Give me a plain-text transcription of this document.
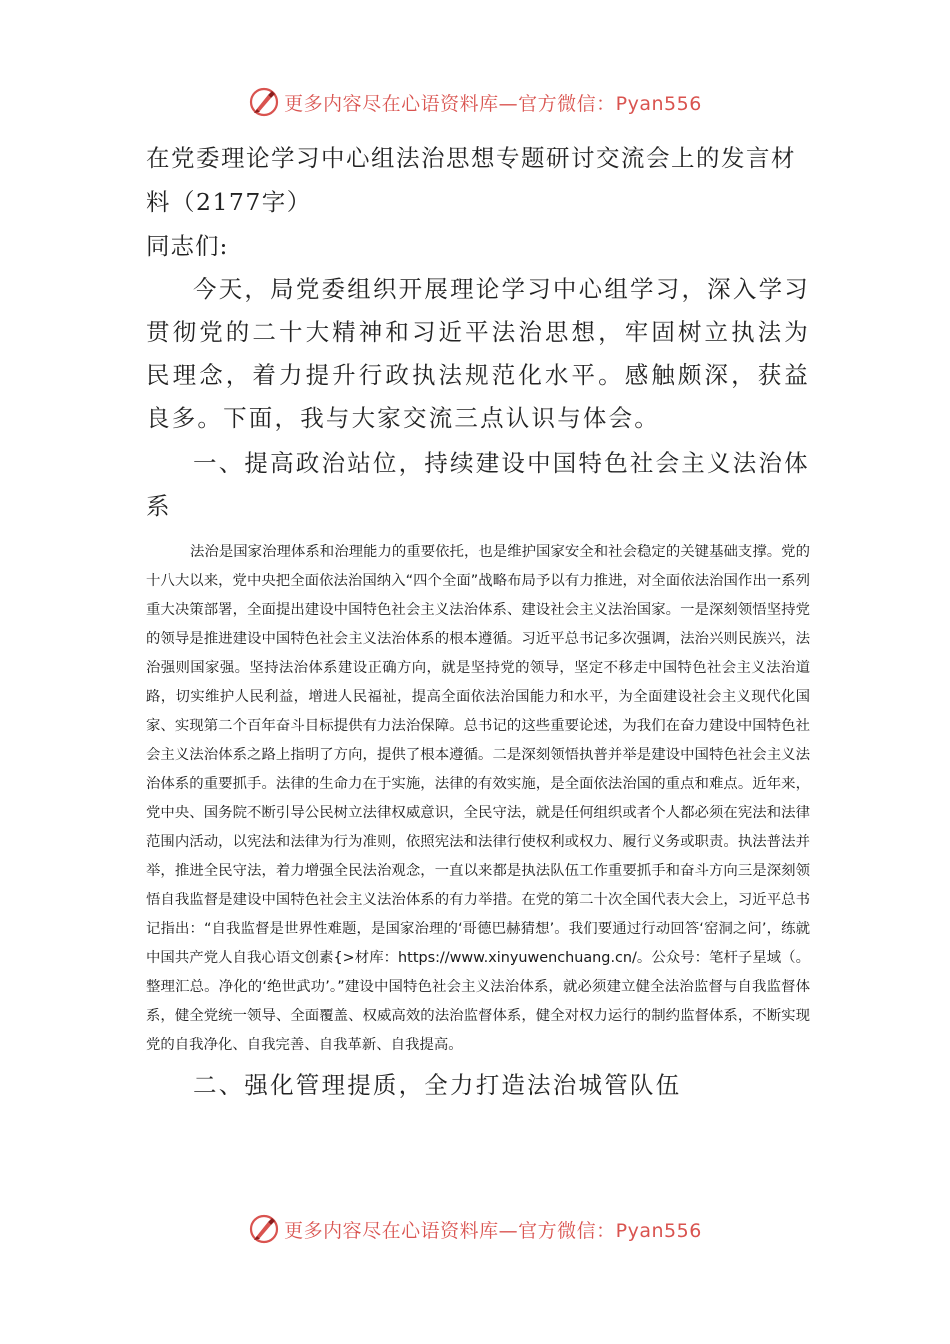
更多内容尽在心语资料库—官方微信：Pyan556
在党委理论学习中心组法治思想专题研讨交流会上的发言材料（2177字）

同志们:

今天，局党委组织开展理论学习中心组学习，深入学习贯彻党的二十大精神和习近平法治思想，牢固树立执法为民理念，着力提升行政执法规范化水平。感触颇深，获益良多。下面，我与大家交流三点认识与体会。

一、提高政治站位，持续建设中国特色社会主义法治体系

法治是国家治理体系和治理能力的重要依托，也是维护国家安全和社会稳定的关键基础支撑。党的十八大以来，党中央把全面依法治国纳入“四个全面”战略布局予以有力推进，对全面依法治国作出一系列重大决策部署，全面提出建设中国特色社会主义法治体系、建设社会主义法治国家。一是深刻领悟坚持党的领导是推进建设中国特色社会主义法治体系的根本遵循。习近平总书记多次强调，法治兴则民族兴，法治强则国家强。坚持法治体系建设正确方向，就是坚持党的领导，坚定不移走中国特色社会主义法治道路，切实维护人民利益，增进人民福祉，提高全面依法治国能力和水平，为全面建设社会主义现代化国家、实现第二个百年奋斗目标提供有力法治保障。总书记的这些重要论述，为我们在奋力建设中国特色社会主义法治体系之路上指明了方向，提供了根本遵循。二是深刻领悟执普并举是建设中国特色社会主义法治体系的重要抓手。法律的生命力在于实施，法律的有效实施，是全面依法治国的重点和难点。近年来，党中央、国务院不断引导公民树立法律权威意识，全民守法，就是任何组织或者个人都必须在宪法和法律范围内活动，以宪法和法律为行为准则，依照宪法和法律行使权利或权力、履行义务或职责。执法普法并举，推进全民守法，着力增强全民法治观念，一直以来都是执法队伍工作重要抓手和奋斗方向三是深刻领悟自我监督是建设中国特色社会主义法治体系的有力举措。在党的第二十次全国代表大会上，习近平总书记指出：“自我监督是世界性难题，是国家治理的‘哥德巴赫猜想’。我们要通过行动回答‘窑洞之问’，练就中国共产党人自我心语文创素{>材库：https://www.xinyuwenchuang.cn/。公众号：笔杆子星域（。整理汇总。净化的‘绝世武功’。”建设中国特色社会主义法治体系，就必须建立健全法治监督与自我监督体系，健全党统一领导、全面覆盖、权威高效的法治监督体系，健全对权力运行的制约监督体系，不断实现党的自我净化、自我完善、自我革新、自我提高。

二、强化管理提质，全力打造法治城管队伍
更多内容尽在心语资料库—官方微信：Pyan556
